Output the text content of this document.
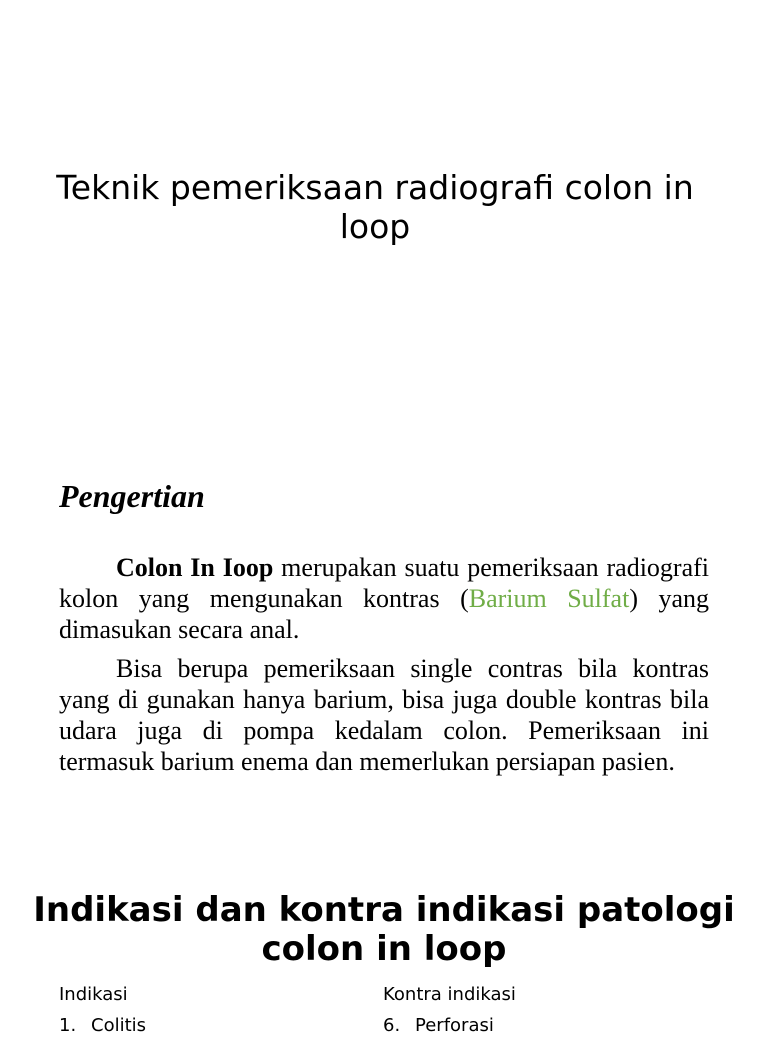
Teknik pemeriksaan radiografi colon in loop
Pengertian

Colon In Ioop merupakan suatu pemeriksaan radiografi kolon yang mengunakan kontras (Barium Sulfat) yang dimasukan secara anal.

Bisa berupa pemeriksaan single contras bila kontras yang di gunakan hanya barium, bisa juga double kontras bila udara juga di pompa kedalam colon. Pemeriksaan ini termasuk barium enema dan memerlukan persiapan pasien.

Indikasi dan kontra indikasi patologi colon in loop
Indikasi	Kontra indikasi
1. Colitis	6. Perforasi
